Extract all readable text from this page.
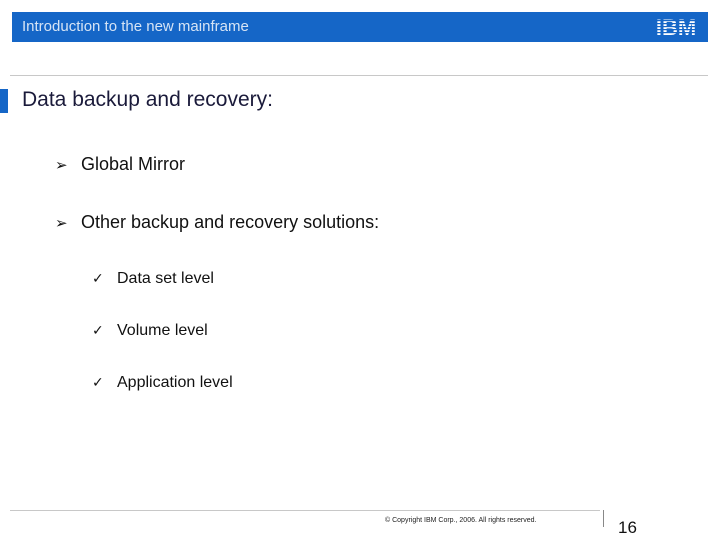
Introduction to the new mainframe
Data backup and recovery:
➢ Global Mirror
➢ Other backup and recovery solutions:
✓ Data set level
✓ Volume level
✓ Application level
© Copyright IBM Corp., 2006. All rights reserved.	16
